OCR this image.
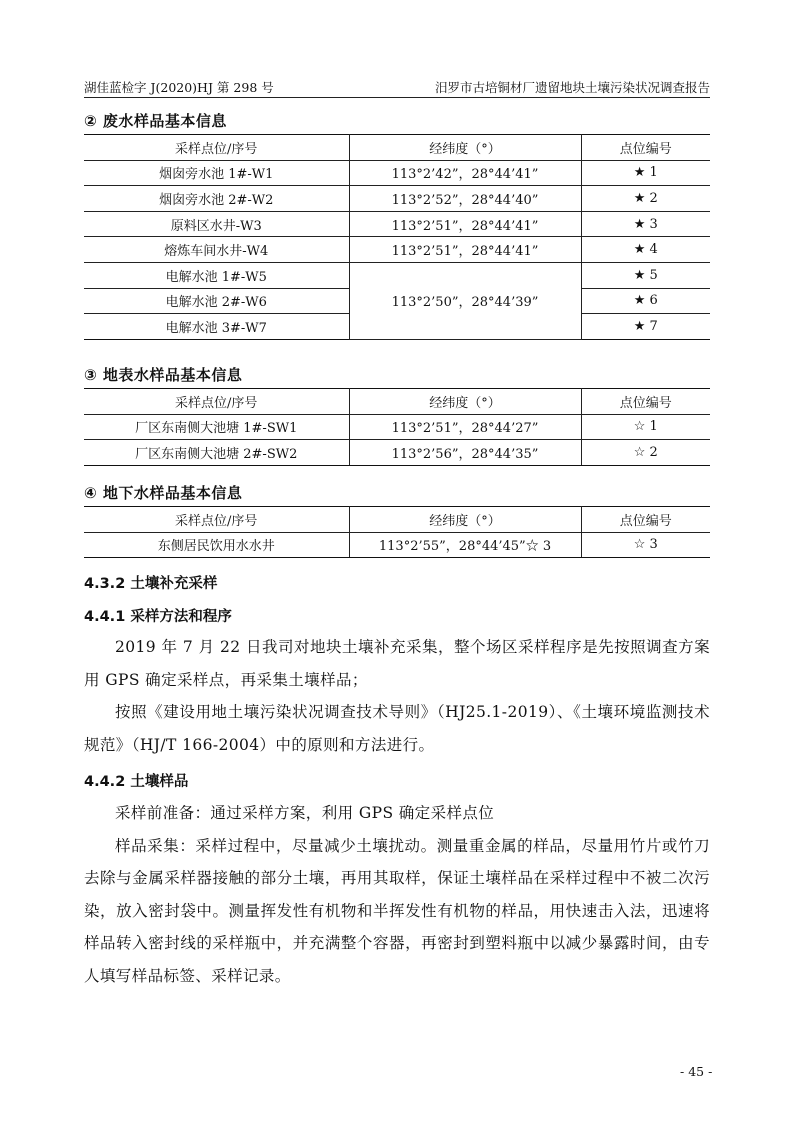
湖佳蓝检字 J(2020)HJ 第 298 号	汨罗市古培铜材厂遗留地块土壤污染状况调查报告
② 废水样品基本信息
采样点位/序号	经纬度（°）	点位编号
烟囱旁水池 1#-W1	113°2’42”，28°44’41”	★ 1
烟囱旁水池 2#-W2	113°2’52”，28°44’40”	★ 2
原料区水井-W3	113°2’51”，28°44’41”	★ 3
熔炼车间水井-W4	113°2’51”，28°44’41”	★ 4
电解水池 1#-W5	113°2’50”，28°44’39”	★ 5
电解水池 2#-W6		★ 6
电解水池 3#-W7		★ 7
③ 地表水样品基本信息
采样点位/序号	经纬度（°）	点位编号
厂区东南侧大池塘 1#-SW1	113°2’51”，28°44’27”	☆ 1
厂区东南侧大池塘 2#-SW2	113°2’56”，28°44’35”	☆ 2
④ 地下水样品基本信息
采样点位/序号	经纬度（°）	点位编号
东侧居民饮用水水井	113°2’55”，28°44’45”☆ 3	☆ 3
4.3.2 土壤补充采样
4.4.1 采样方法和程序

2019 年 7 月 22 日我司对地块土壤补充采集，整个场区采样程序是先按照调查方案用 GPS 确定采样点，再采集土壤样品；

按照《建设用地土壤污染状况调查技术导则》（HJ25.1-2019）、《土壤环境监测技术规范》（HJ/T 166-2004）中的原则和方法进行。

4.4.2 土壤样品

采样前准备：通过采样方案，利用 GPS 确定采样点位

样品采集：采样过程中，尽量减少土壤扰动。测量重金属的样品，尽量用竹片或竹刀去除与金属采样器接触的部分土壤，再用其取样，保证土壤样品在采样过程中不被二次污染，放入密封袋中。测量挥发性有机物和半挥发性有机物的样品，用快速击入法，迅速将样品转入密封线的采样瓶中，并充满整个容器，再密封到塑料瓶中以减少暴露时间，由专人填写样品标签、采样记录。

- 45 -
